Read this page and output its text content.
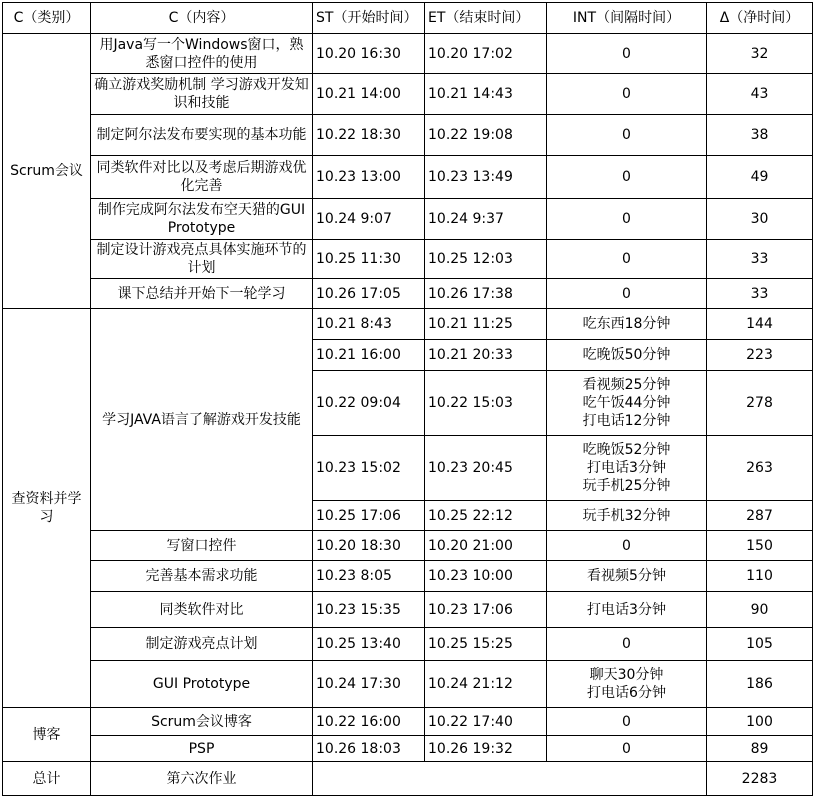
C（类别）	C（内容）	ST（开始时间）	ET（结束时间）	INT（间隔时间）	Δ（净时间）
Scrum会议	用Java写一个Windows窗口，熟悉窗口控件的使用	10.20 16:30	10.20 17:02	0	32
	确立游戏奖励机制 学习游戏开发知识和技能	10.21 14:00	10.21 14:43	0	43
	制定阿尔法发布要实现的基本功能	10.22 18:30	10.22 19:08	0	38
	同类软件对比以及考虑后期游戏优化完善	10.23 13:00	10.23 13:49	0	49
	制作完成阿尔法发布空天猎的GUI Prototype	10.24 9:07	10.24 9:37	0	30
	制定设计游戏亮点具体实施环节的计划	10.25 11:30	10.25 12:03	0	33
	课下总结并开始下一轮学习	10.26 17:05	10.26 17:38	0	33
查资料并学习	学习JAVA语言了解游戏开发技能	10.21 8:43	10.21 11:25	吃东西18分钟	144
		10.21 16:00	10.21 20:33	吃晚饭50分钟	223
		10.22 09:04	10.22 15:03	看视频25分钟
吃午饭44分钟
打电话12分钟	278
		10.23 15:02	10.23 20:45	吃晚饭52分钟
打电话3分钟
玩手机25分钟	263
		10.25 17:06	10.25 22:12	玩手机32分钟	287
	写窗口控件	10.20 18:30	10.20 21:00	0	150
	完善基本需求功能	10.23 8:05	10.23 10:00	看视频5分钟	110
	同类软件对比	10.23 15:35	10.23 17:06	打电话3分钟	90
	制定游戏亮点计划	10.25 13:40	10.25 15:25	0	105
	GUI Prototype	10.24 17:30	10.24 21:12	聊天30分钟
打电话6分钟	186
博客	Scrum会议博客	10.22 16:00	10.22 17:40	0	100
	PSP	10.26 18:03	10.26 19:32	0	89
总计	第六次作业				2283
